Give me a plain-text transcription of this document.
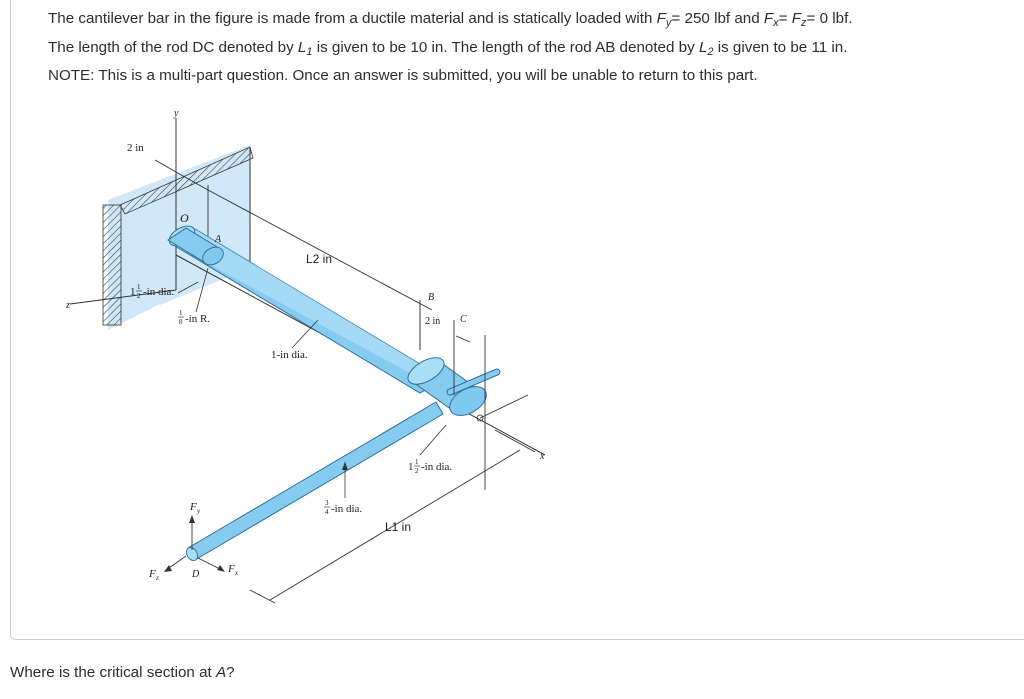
The cantilever bar in the figure is made from a ductile material and is statically loaded with $F_y= 250$ lbf and $F_x= F_z= 0$ lbf.

The length of the rod DC denoted by $L_1$ is given to be 10 in. The length of the rod AB denoted by $L_2$ is given to be 11 in.

NOTE: This is a multi-part question. Once an answer is submitted, you will be unable to return to this part.

y
z
x
2 in
L2 in
O
A
B
C
D
2 in
1 1
2 -in dia.
1
8 -in R.
1-in dia.
1 1
2 -in dia.
3
4 -in dia.
L1 in
F y
F z
F x
Where is the critical section at A?
